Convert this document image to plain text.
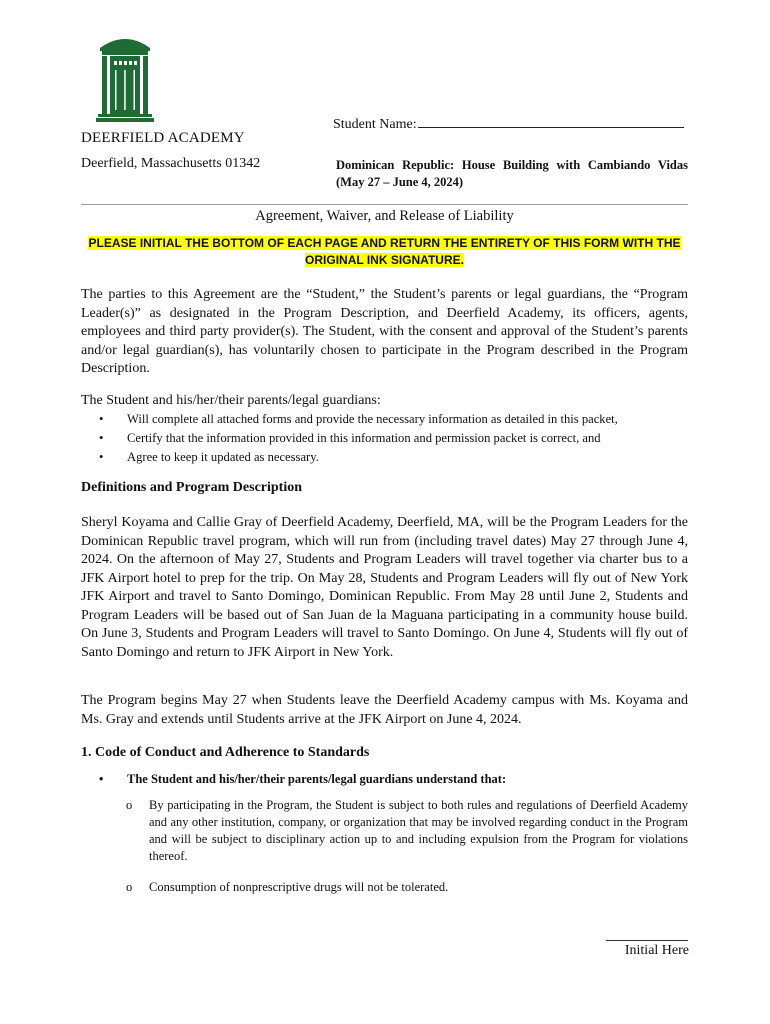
DEERFIELD ACADEMY
Deerfield, Massachusetts 01342
Student Name:
Dominican Republic: House Building with Cambiando Vidas (May 27 – June 4, 2024)
Agreement, Waiver, and Release of Liability
PLEASE INITIAL THE BOTTOM OF EACH PAGE AND RETURN THE ENTIRETY OF THIS FORM WITH THE ORIGINAL INK SIGNATURE.
The parties to this Agreement are the “Student,” the Student’s parents or legal guardians, the “Program Leader(s)” as designated in the Program Description, and Deerfield Academy, its officers, agents, employees and third party provider(s). The Student, with the consent and approval of the Student’s parents and/or legal guardian(s), has voluntarily chosen to participate in the Program described in the Program Description.
The Student and his/her/their parents/legal guardians:
• Will complete all attached forms and provide the necessary information as detailed in this packet,
• Certify that the information provided in this information and permission packet is correct, and
• Agree to keep it updated as necessary.
Definitions and Program Description
Sheryl Koyama and Callie Gray of Deerfield Academy, Deerfield, MA, will be the Program Leaders for the Dominican Republic travel program, which will run from (including travel dates) May 27 through June 4, 2024. On the afternoon of May 27, Students and Program Leaders will travel together via charter bus to a JFK Airport hotel to prep for the trip. On May 28, Students and Program Leaders will fly out of New York JFK Airport and travel to Santo Domingo, Dominican Republic. From May 28 until June 2, Students and Program Leaders will be based out of San Juan de la Maguana participating in a community house build. On June 3, Students and Program Leaders will travel to Santo Domingo. On June 4, Students will fly out of Santo Domingo and return to JFK Airport in New York.
The Program begins May 27 when Students leave the Deerfield Academy campus with Ms. Koyama and Ms. Gray and extends until Students arrive at the JFK Airport on June 4, 2024.
1. Code of Conduct and Adherence to Standards
• The Student and his/her/their parents/legal guardians understand that:
o By participating in the Program, the Student is subject to both rules and regulations of Deerfield Academy and any other institution, company, or organization that may be involved regarding conduct in the Program and will be subject to disciplinary action up to and including expulsion from the Program for violations thereof.
o Consumption of nonprescriptive drugs will not be tolerated.
Initial Here
